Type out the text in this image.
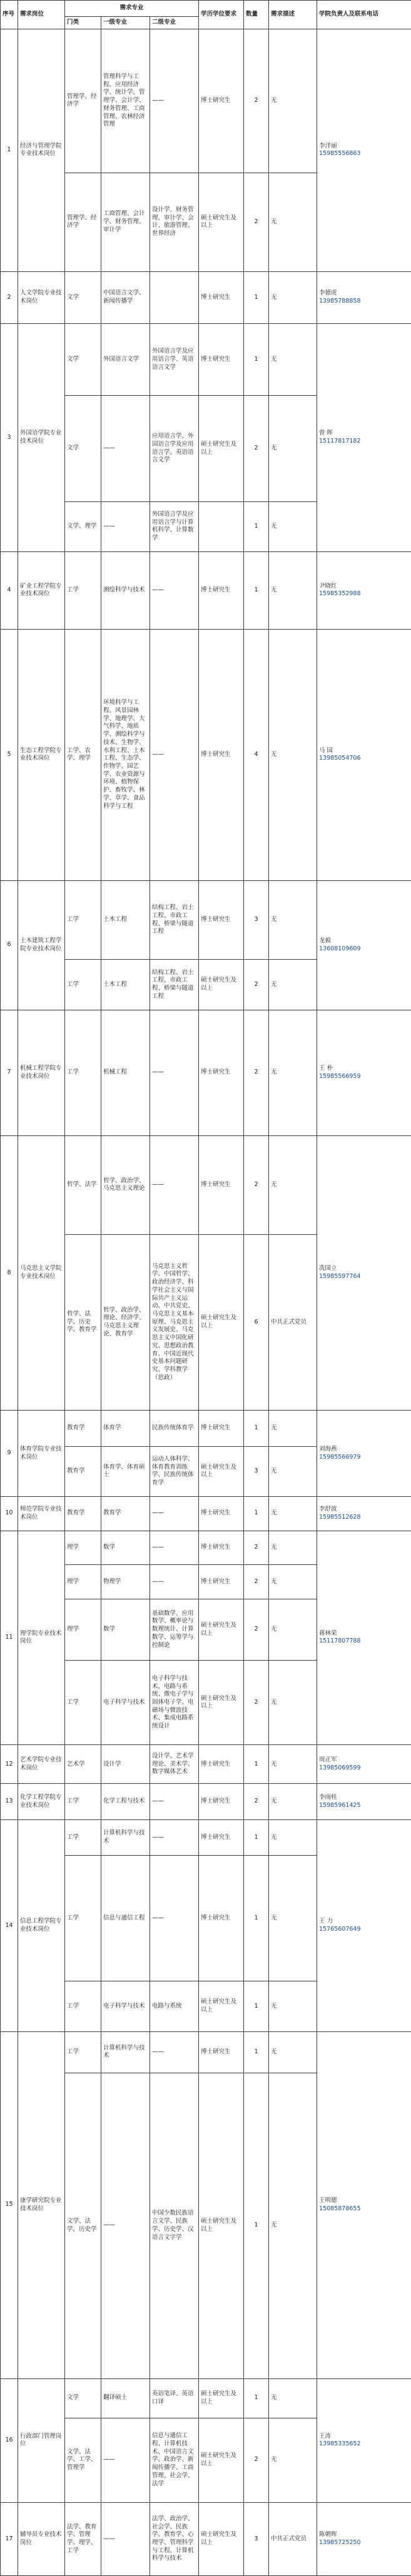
序号	需求岗位	需求专业			学历学位要求	数量	需求描述	学院负责人及联系电话
		门类	一级专业	二级专业				
1	经济与管理学院专业技术岗位	管理学、经济学	管理科学与工程、应用经济学、统计学、管理学、会计学、财务管理、工商管理、农林经济管理	——	博士研究生	2	无	李洋丽
15985556863

		管理学、经济学	工商管理、会计学、财务管理、审计学	设计学、财务管理、审计学、会计、旅游管理、世界经济	硕士研究生及以上	2	无	
2	人文学院专业技术岗位	文学	中国语言文学、新闻传播学		博士研究生	1	无	李德虎
13985788858

3	外国语学院专业技术岗位	文学	外国语言文学	外国语言学及应用语言学、英语语言文学	博士研究生	1	无	曾 晖
15117817182

		文学	——	应用语言学、外国语言学及应用语言学、英语语言文学	硕士研究生及以上	2	无	
		文学、理学	——	外国语言学及应用语言学与计算机科学、计算数学		1	无	
4	矿业工程学院专业技术岗位	工学	测绘科学与技术	——	博士研究生	1	无	尹晓红
15985352988

5	生态工程学院专业技术岗位	工学、农学、理学	环境科学与工程、风景园林学、地理学、大气科学、地质学、测绘科学与技术、生物学、水利工程、土木工程、生态学、作物学、园艺学、农业资源与环境、植物保护、畜牧学、林学、草学、食品科学与工程	——	博士研究生	4	无	马 园
13985054706

6	土木建筑工程学院专业技术岗位	工学	土木工程	结构工程、岩土工程、市政工程、桥梁与隧道工程	博士研究生	3	无	龙毅
13608109609

		工学	土木工程	结构工程、岩土工程、市政工程、桥梁与隧道工程	硕士研究生及以上	2	无	
7	机械工程学院专业技术岗位	工学	机械工程	——	博士研究生	2	无	王 朴
15985566959

8	马克思主义学院专业技术岗位	哲学、法学	哲学、政治学、马克思主义理论	——	博士研究生	2	无	冼国立
15985597764

		哲学、法学、历史学、教育学	哲学、政治学、理论、经济学、马克思主义理论、教育学	马克思主义哲学、中国哲学、政治经济学、科学社会主义与国际共产主义运动、中共党史、马克思主义基本原理、马克思主义发展史、马克思主义中国化研究、思想政治教育、中国近现代史基本问题研究、学科教学（思政）	硕士研究生及以上	6	中共正式党员	
9	体育学院专业技术岗位	教育学	体育学	民族传统体育学	博士研究生	1	无	刘海燕
15985566979

		教育学	体育学、体育硕士	运动人体科学、体育教育训练学、民族传统体育学	硕士研究生及以上	3	无	
10	师范学院专业技术岗位	教育学	教育学	——	博士研究生	1	无	李舒波
15985512628

11	理学院专业技术岗位	理学	数学	——	博士研究生	2	无	蒋林荣
15117807788

		理学	物理学	——	博士研究生	2	无	
		理学	数学	基础数学、应用数学、概率论与数理统计、计算数学、运筹学与控制论	硕士研究生及以上	2	无	
		工学	电子科学与技术	电子科学与技术、电路与系统、微电子学与固体电子学、电磁场与微波技术、集成电路系统设计	硕士研究生及以上	2	无	
12	艺术学院专业技术岗位	艺术学	设计学	设计学、艺术学理论、美术学、数字媒体艺术	博士研究生	1	无	周正军
13985069599

13	化学工程学院专业技术岗位	工学	化学工程与技术	——	博士研究生	2	无	李雨桂
15985961425

14	信息工程学院专业技术岗位	工学	计算机科学与技术	——	博士研究生	1	无	王 力
15765607649

		工学	信息与通信工程	——	博士研究生	1	无	
		工学	电子科学与技术	电路与系统	硕士研究生及以上	1	无	
15	康学研究院专业技术岗位	工学	计算机科学与技术	——	博士研究生	1	无	王明德
15085878655

		文学、法学、历史学	——	中国少数民族语言文学、民族学、历史学、汉语言文字学	硕士研究生及以上	1	无	
16	行政部门管理岗位	文学	翻译硕士	英语笔译、英语口译	硕士研究生及以上	1	无	王涛
13985335652

		文学、法学、工学、管理学	——	信息与通信工程、计算机技术、中国语言文学、政治学、新闻传播学、工商管理、社会学、法学	硕士研究生及以上	2	无	
17	辅导员专业技术岗位	法学、教育学、管理学、理学、工学	——	法学、政治学、社会学、民族学、教育学、心理学、管理科学与工程、计算机科学与技术	硕士研究生及以上	3	中共正式党员	陈朝晖
13985725250
